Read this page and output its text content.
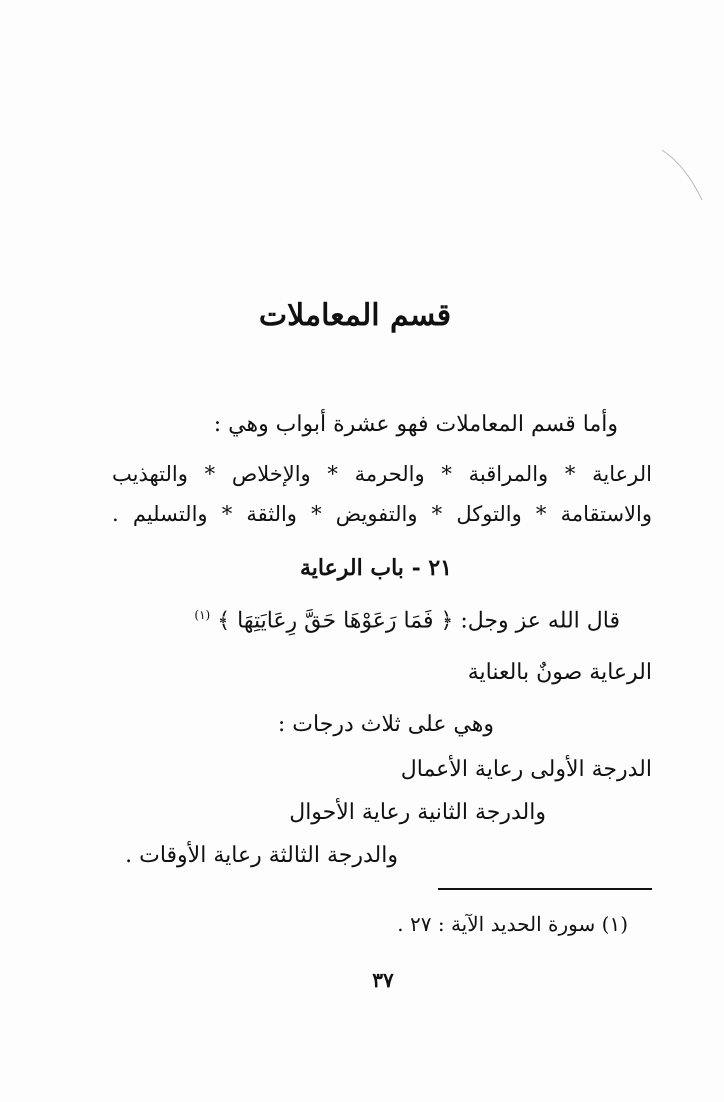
قسم المعاملات
وأما قسم المعاملات فهو عشرة أبواب وهي :
الرعاية * والمراقبة * والحرمة * والإخلاص * والتهذيب
والاستقامة * والتوكل * والتفويض * والثقة * والتسليم .
٢١ - باب الرعاية
قال الله عز وجل: ﴿ فَمَا رَعَوْهَا حَقَّ رِعَايَتِهَا ﴾ $^{(١)}$
الرعاية صونٌ بالعناية
وهي على ثلاث درجات :
الدرجة الأولى رعاية الأعمال
والدرجة الثانية رعاية الأحوال
والدرجة الثالثة رعاية الأوقات .
(١) سورة الحديد الآية : ٢٧ .
٣٧
